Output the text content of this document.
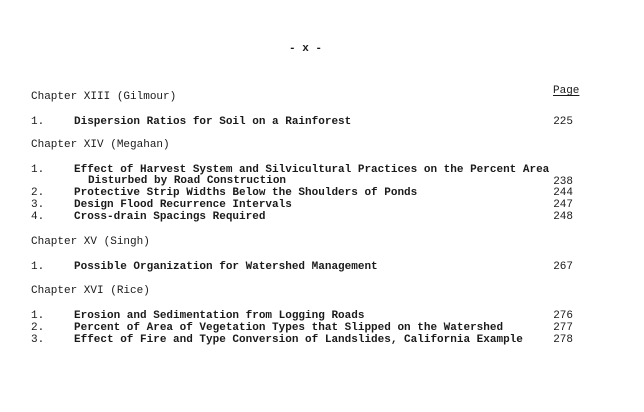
- x -
Page
Chapter XIII (Gilmour)
1.	Dispersion Ratios for Soil on a Rainforest	225
Chapter XIV (Megahan)
1.	Effect of Harvest System and Silvicultural Practices on the Percent Area
Disturbed by Road Construction	238
2.	Protective Strip Widths Below the Shoulders of Ponds	244
3.	Design Flood Recurrence Intervals	247
4.	Cross-drain Spacings Required	248
Chapter XV (Singh)
1.	Possible Organization for Watershed Management	267
Chapter XVI (Rice)
1.	Erosion and Sedimentation from Logging Roads	276
2.	Percent of Area of Vegetation Types that Slipped on the Watershed	277
3.	Effect of Fire and Type Conversion of Landslides, California Example	278
